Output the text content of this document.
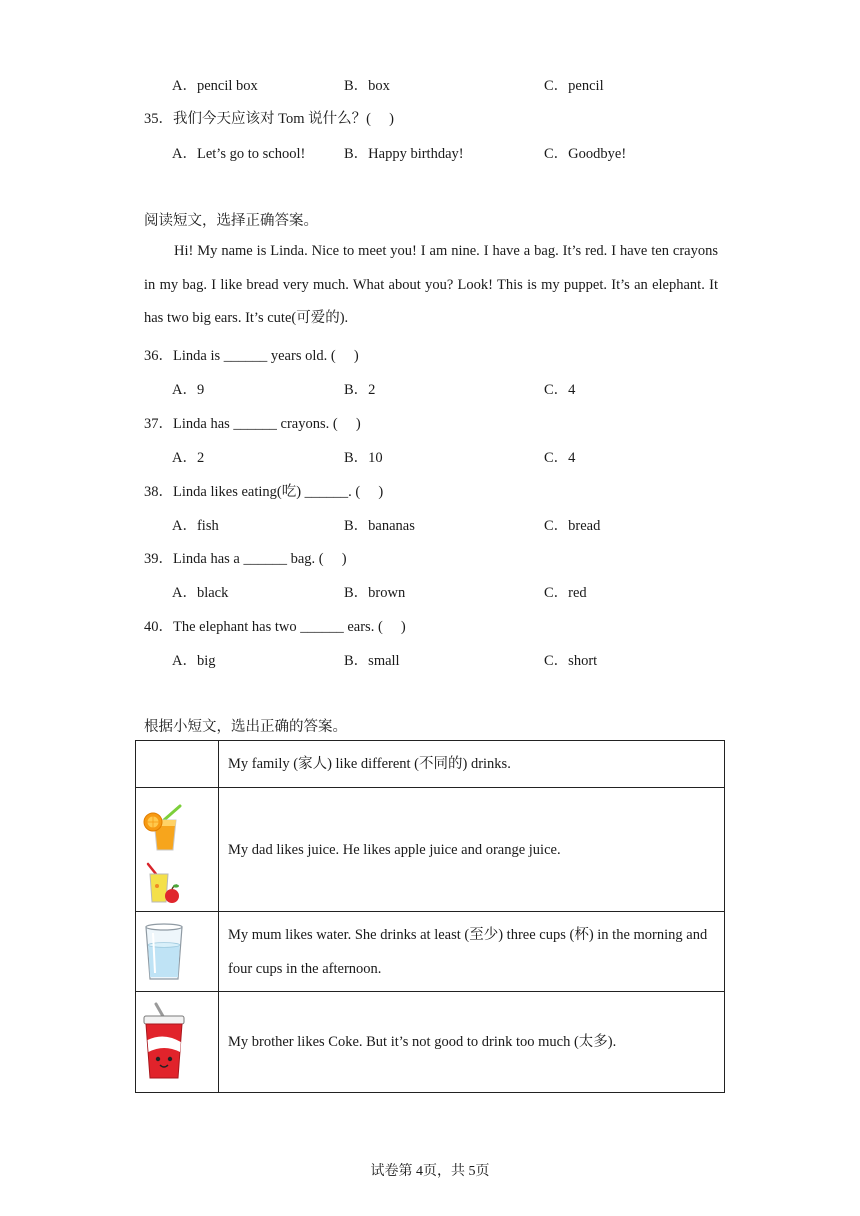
A．pencil box	B．box	C．pencil
35．我们今天应该对 Tom 说什么？(　 )
A．Let’s go to school!	B．Happy birthday!	C．Goodbye!
阅读短文，选择正确答案。
Hi! My name is Linda. Nice to meet you! I am nine. I have a bag. It’s red. I have ten crayons in my bag. I like bread very much. What about you? Look! This is my puppet. It’s an elephant. It has two big ears. It’s cute(可爱的).
36．Linda is ______ years old. (　 )
A．9	B．2	C．4
37．Linda has ______ crayons. (　 )
A．2	B．10	C．4
38．Linda likes eating(吃) ______. (　 )
A．fish	B．bananas	C．bread
39．Linda has a ______ bag. (　 )
A．black	B．brown	C．red
40．The elephant has two ______ ears. (　 )
A．big	B．small	C．short
根据小短文，选出正确的答案。
	My family (家人) like different (不同的) drinks.

	My dad likes juice. He likes apple juice and orange juice.

	My mum likes water. She drinks at least (至少) three cups (杯) in the morning and four cups in the afternoon.

	My brother likes Coke. But it’s not good to drink too much (太多).
试卷第 4页，共 5页
